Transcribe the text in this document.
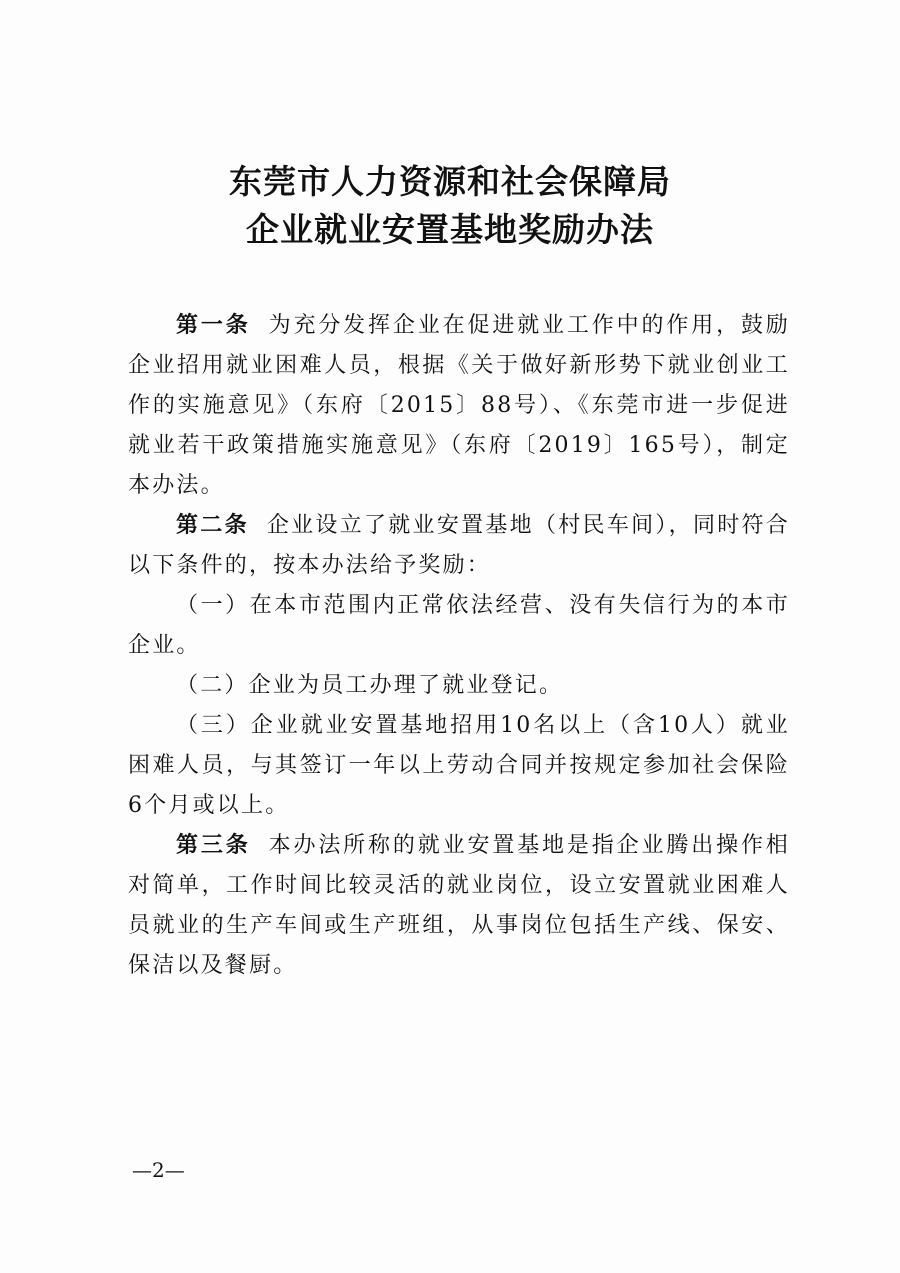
东莞市人力资源和社会保障局
企业就业安置基地奖励办法

第一条 为充分发挥企业在促进就业工作中的作用，鼓励企业招用就业困难人员，根据《关于做好新形势下就业创业工作的实施意见》（东府〔2015〕88号）、《东莞市进一步促进就业若干政策措施实施意见》（东府〔2019〕165号），制定本办法。

第二条 企业设立了就业安置基地（村民车间），同时符合以下条件的，按本办法给予奖励：

（一）在本市范围内正常依法经营、没有失信行为的本市企业。

（二）企业为员工办理了就业登记。

（三）企业就业安置基地招用10名以上（含10人）就业困难人员，与其签订一年以上劳动合同并按规定参加社会保险6个月或以上。

第三条 本办法所称的就业安置基地是指企业腾出操作相对简单，工作时间比较灵活的就业岗位，设立安置就业困难人员就业的生产车间或生产班组，从事岗位包括生产线、保安、保洁以及餐厨。

—2—
